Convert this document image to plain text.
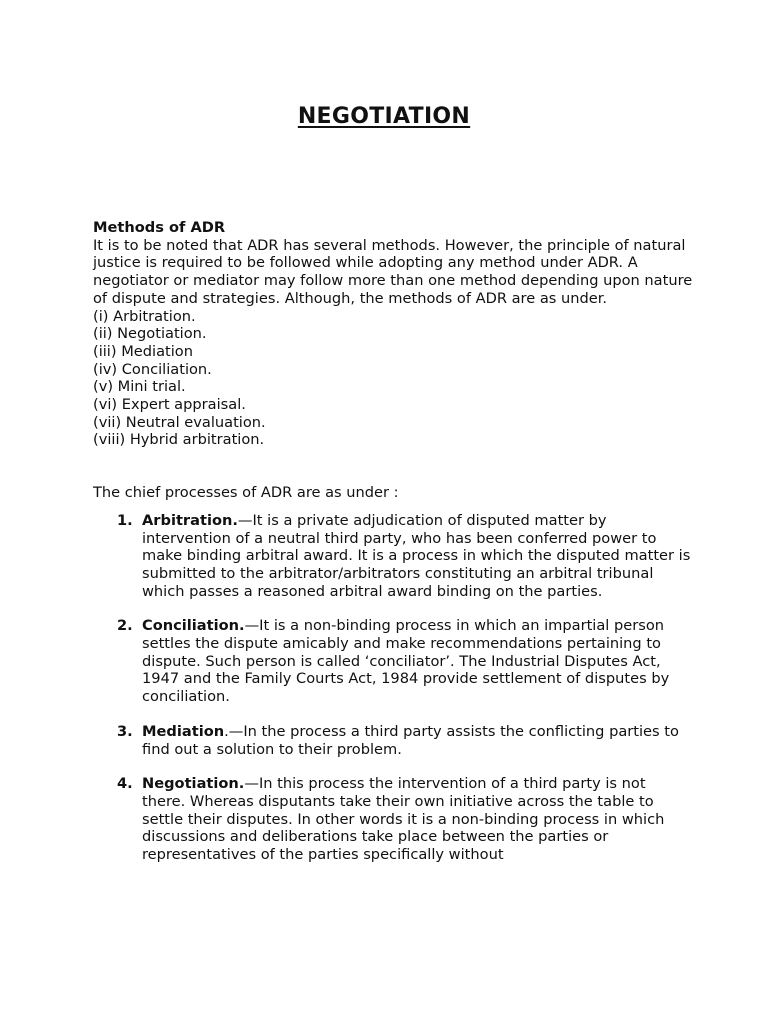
NEGOTIATION

Methods of ADR

It is to be noted that ADR has several methods. However, the principle of natural justice is required to be followed while adopting any method under ADR. A negotiator or mediator may follow more than one method depending upon nature of dispute and strategies. Although, the methods of ADR are as under.

(i) Arbitration.
(ii) Negotiation.
(iii) Mediation
(iv) Conciliation.
(v) Mini trial.
(vi) Expert appraisal.
(vii) Neutral evaluation.
(viii) Hybrid arbitration.

The chief processes of ADR are as under :

1. Arbitration.—It is a private adjudication of disputed matter by intervention of a neutral third party, who has been conferred power to make binding arbitral award. It is a process in which the disputed matter is submitted to the arbitrator/arbitrators constituting an arbitral tribunal which passes a reasoned arbitral award binding on the parties.
2. Conciliation.—It is a non-binding process in which an impartial person settles the dispute amicably and make recommendations pertaining to dispute. Such person is called ‘conciliator’. The Industrial Disputes Act, 1947 and the Family Courts Act, 1984 provide settlement of disputes by conciliation.
3. Mediation.—In the process a third party assists the conflicting parties to find out a solution to their problem.
4. Negotiation.—In this process the intervention of a third party is not there. Whereas disputants take their own initiative across the table to settle their disputes. In other words it is a non-binding process in which discussions and deliberations take place between the parties or representatives of the parties specifically without
